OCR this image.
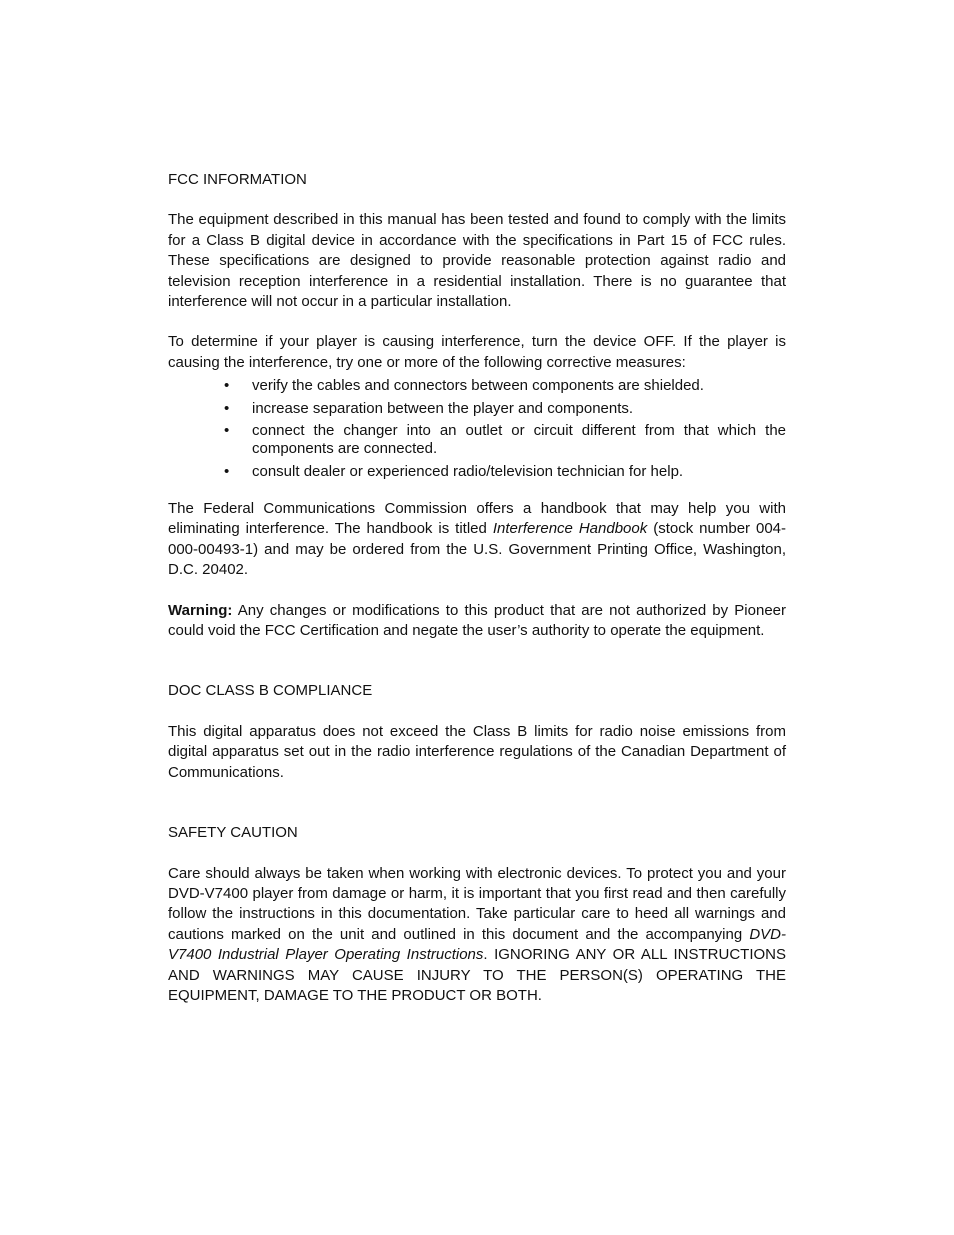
FCC INFORMATION

The equipment described in this manual has been tested and found to comply with the limits for a Class B digital device in accordance with the specifications in Part 15 of FCC rules. These specifications are designed to provide reasonable protection against radio and television reception interference in a residential installation. There is no guarantee that interference will not occur in a particular installation.

To determine if your player is causing interference, turn the device OFF. If the player is causing the interference, try one or more of the following corrective measures:

• verify the cables and connectors between components are shielded.
• increase separation between the player and components.
• connect the changer into an outlet or circuit different from that which the components are connected.
• consult dealer or experienced radio/television technician for help.

The Federal Communications Commission offers a handbook that may help you with eliminating interference. The handbook is titled Interference Handbook (stock number 004-000-00493-1) and may be ordered from the U.S. Government Printing Office, Washington, D.C. 20402.

Warning: Any changes or modifications to this product that are not authorized by Pioneer could void the FCC Certification and negate the user’s authority to operate the equipment.

DOC CLASS B COMPLIANCE

This digital apparatus does not exceed the Class B limits for radio noise emissions from digital apparatus set out in the radio interference regulations of the Canadian Department of Communications.

SAFETY CAUTION

Care should always be taken when working with electronic devices. To protect you and your DVD-V7400 player from damage or harm, it is important that you first read and then carefully follow the instructions in this documentation. Take particular care to heed all warnings and cautions marked on the unit and outlined in this document and the accompanying DVD-V7400 Industrial Player Operating Instructions. IGNORING ANY OR ALL INSTRUCTIONS AND WARNINGS MAY CAUSE INJURY TO THE PERSON(S) OPERATING THE EQUIPMENT, DAMAGE TO THE PRODUCT OR BOTH.
